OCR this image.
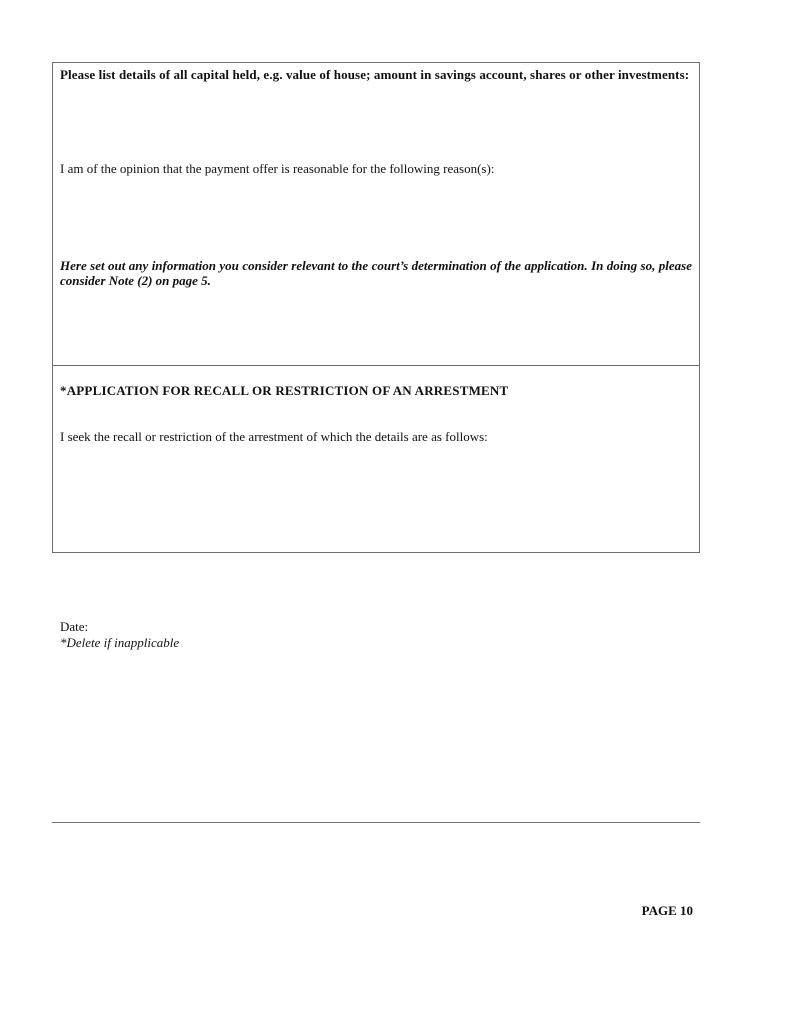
Please list details of all capital held, e.g. value of house; amount in savings account, shares or other investments:

I am of the opinion that the payment offer is reasonable for the following reason(s):

Here set out any information you consider relevant to the court’s determination of the application. In doing so, please consider Note (2) on page 5.

*APPLICATION FOR RECALL OR RESTRICTION OF AN ARRESTMENT

I seek the recall or restriction of the arrestment of which the details are as follows:

Date:
*Delete if inapplicable
PAGE 10
